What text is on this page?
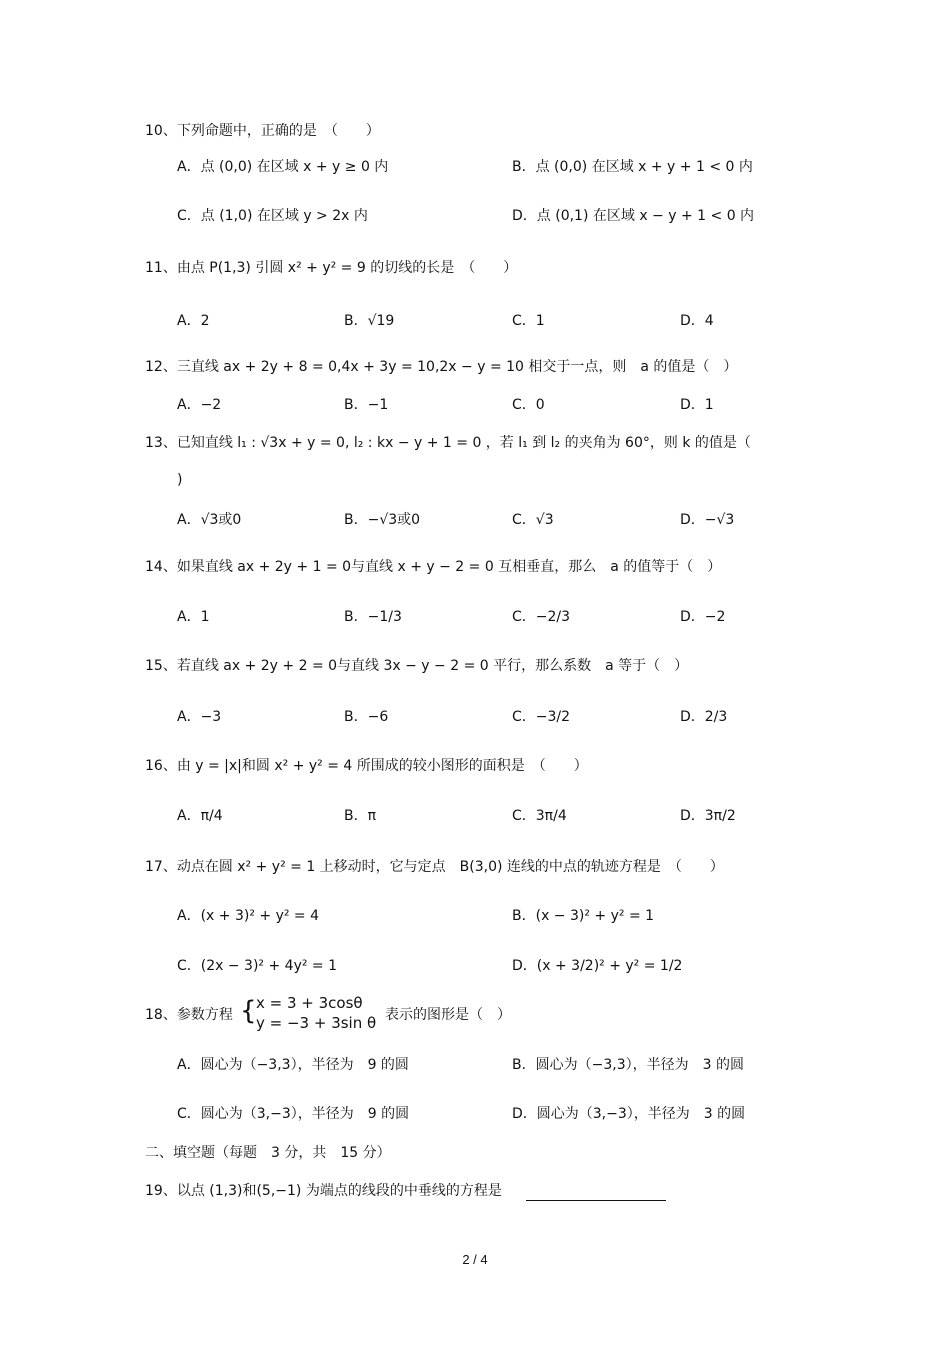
10、下列命题中，正确的是　（　　）
A．点 (0,0) 在区域 x + y ≥ 0 内	B．点 (0,0) 在区域 x + y + 1 < 0 内
C．点 (1,0) 在区域 y > 2x 内	D．点 (0,1) 在区域 x − y + 1 < 0 内
11、由点 P(1,3) 引圆 x² + y² = 9 的切线的长是　（　　）
A．2	B．√19	C．1	D．4
12、三直线 ax + 2y + 8 = 0,4x + 3y = 10,2x − y = 10 相交于一点，则　a 的值是（　）
A．−2	B．−1	C．0	D．1
13、已知直线 l₁ : √3x + y = 0, l₂ : kx − y + 1 = 0 ，若 l₁ 到 l₂ 的夹角为 60°，则 k 的值是（
)
A．√3或0	B．−√3或0	C．√3	D．−√3
14、如果直线 ax + 2y + 1 = 0与直线 x + y − 2 = 0 互相垂直，那么　a 的值等于（　）
A．1	B．−1/3	C．−2/3	D．−2
15、若直线 ax + 2y + 2 = 0与直线 3x − y − 2 = 0 平行，那么系数　a 等于（　）
A．−3	B．−6	C．−3/2	D．2/3
16、由 y = |x|和圆 x² + y² = 4 所围成的较小图形的面积是　（　　）
A．π/4	B．π	C．3π/4	D．3π/2
17、动点在圆 x² + y² = 1 上移动时，它与定点　B(3,0) 连线的中点的轨迹方程是　（　　）
A．(x + 3)² + y² = 4	B．(x − 3)² + y² = 1
C．(2x − 3)² + 4y² = 1	D．(x + 3/2)² + y² = 1/2
18、参数方程 { x = 3 + 3cosθ
y = −3 + 3sin θ 表示的图形是（　）
A．圆心为（−3,3），半径为　9 的圆	B．圆心为（−3,3），半径为　3 的圆
C．圆心为（3,−3），半径为　9 的圆	D．圆心为（3,−3），半径为　3 的圆
二、填空题（每题　3 分，共　15 分）
19、以点 (1,3)和(5,−1) 为端点的线段的中垂线的方程是
2 / 4
